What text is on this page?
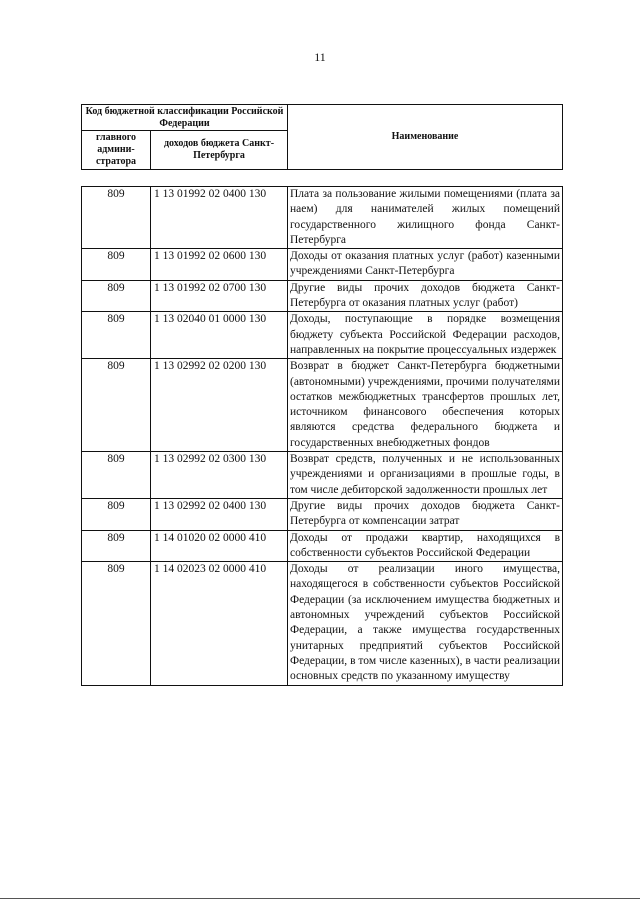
11
Код бюджетной классификации Российской Федерации		Наименование
главного админи-стратора	доходов бюджета Санкт-Петербурга	
809	1 13 01992 02 0400 130	Плата за пользование жилыми помещениями (плата за наем) для нанимателей жилых помещений государственного жилищного фонда Санкт-Петербурга
809	1 13 01992 02 0600 130	Доходы от оказания платных услуг (работ) казенными учреждениями Санкт-Петербурга
809	1 13 01992 02 0700 130	Другие виды прочих доходов бюджета Санкт-Петербурга от оказания платных услуг (работ)
809	1 13 02040 01 0000 130	Доходы, поступающие в порядке возмещения бюджету субъекта Российской Федерации расходов, направленных на покрытие процессуальных издержек
809	1 13 02992 02 0200 130	Возврат в бюджет Санкт-Петербурга бюджетными (автономными) учреждениями, прочими получателями остатков межбюджетных трансфертов прошлых лет, источником финансового обеспечения которых являются средства федерального бюджета и государственных внебюджетных фондов
809	1 13 02992 02 0300 130	Возврат средств, полученных и не использованных учреждениями и организациями в прошлые годы, в том числе дебиторской задолженности прошлых лет
809	1 13 02992 02 0400 130	Другие виды прочих доходов бюджета Санкт-Петербурга от компенсации затрат
809	1 14 01020 02 0000 410	Доходы от продажи квартир, находящихся в собственности субъектов Российской Федерации
809	1 14 02023 02 0000 410	Доходы от реализации иного имущества, находящегося в собственности субъектов Российской Федерации (за исключением имущества бюджетных и автономных учреждений субъектов Российской Федерации, а также имущества государственных унитарных предприятий субъектов Российской Федерации, в том числе казенных), в части реализации основных средств по указанному имуществу
